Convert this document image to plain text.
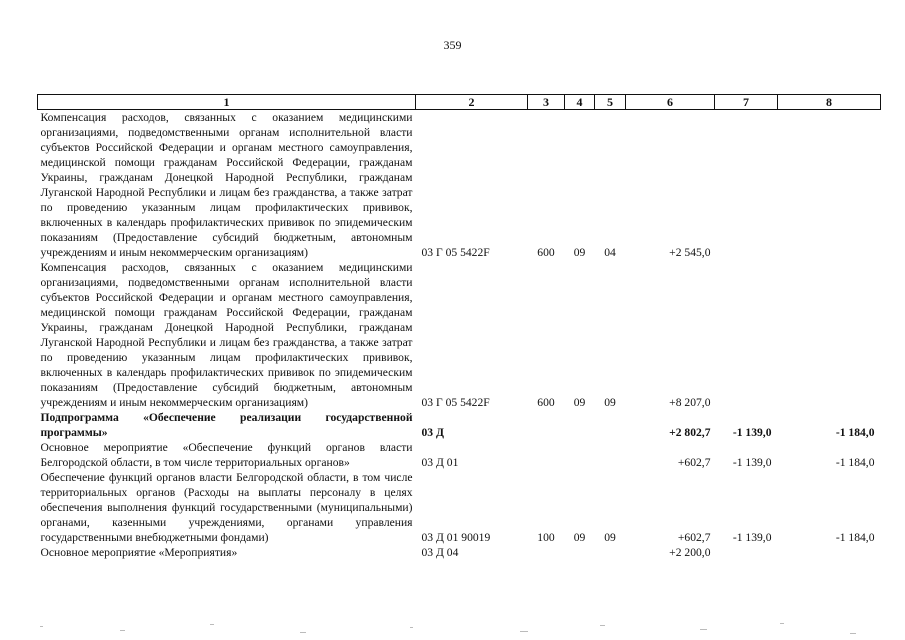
359
1	2	3	4	5	6	7	8
Компенсация расходов, связанных с оказанием медицинскими организациями, подведомственными органам исполнительной власти субъектов Российской Федерации и органам местного самоуправления, медицинской помощи гражданам Российской Федерации, гражданам Украины, гражданам Донецкой Народной Республики, гражданам Луганской Народной Республики и лицам без гражданства, а также затрат по проведению указанным лицам профилактических прививок, включенных в календарь профилактических прививок по эпидемическим показаниям (Предоставление субсидий бюджетным, автономным учреждениям и иным некоммерческим организациям)	03 Г 05 5422F	600	09	04	+2 545,0		
Компенсация расходов, связанных с оказанием медицинскими организациями, подведомственными органам исполнительной власти субъектов Российской Федерации и органам местного самоуправления, медицинской помощи гражданам Российской Федерации, гражданам Украины, гражданам Донецкой Народной Республики, гражданам Луганской Народной Республики и лицам без гражданства, а также затрат по проведению указанным лицам профилактических прививок, включенных в календарь профилактических прививок по эпидемическим показаниям (Предоставление субсидий бюджетным, автономным учреждениям и иным некоммерческим организациям)	03 Г 05 5422F	600	09	09	+8 207,0		
Подпрограмма «Обеспечение реализации государственной программы»	03 Д				+2 802,7	-1 139,0	-1 184,0
Основное мероприятие «Обеспечение функций органов власти Белгородской области, в том числе территориальных органов»	03 Д 01				+602,7	-1 139,0	-1 184,0
Обеспечение функций органов власти Белгородской области, в том числе территориальных органов (Расходы на выплаты персоналу в целях обеспечения выполнения функций государственными (муниципальными) органами, казенными учреждениями, органами управления государственными внебюджетными фондами)	03 Д 01 90019	100	09	09	+602,7	-1 139,0	-1 184,0
Основное мероприятие «Мероприятия»	03 Д 04				+2 200,0		
